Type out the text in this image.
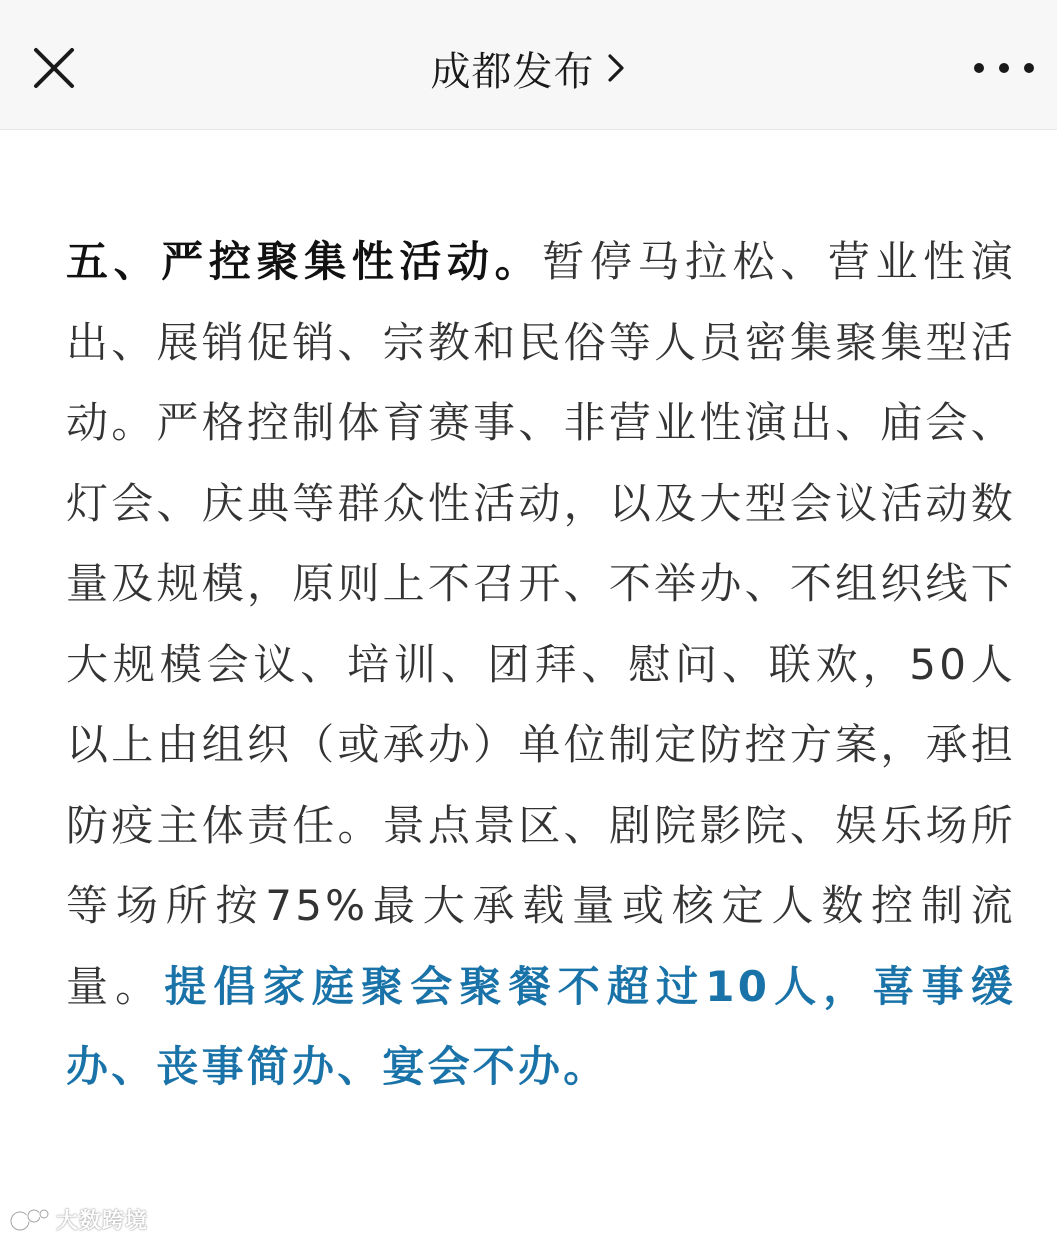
成都发布
五、严控聚集性活动。暂停马拉松、营业性演出、展销促销、宗教和民俗等人员密集聚集型活动。严格控制体育赛事、非营业性演出、庙会、灯会、庆典等群众性活动，以及大型会议活动数量及规模，原则上不召开、不举办、不组织线下大规模会议、培训、团拜、慰问、联欢，50人以上由组织（或承办）单位制定防控方案，承担防疫主体责任。景点景区、剧院影院、娱乐场所等场所按75%最大承载量或核定人数控制流量。提倡家庭聚会聚餐不超过10人，喜事缓办、丧事简办、宴会不办。
大数跨境
